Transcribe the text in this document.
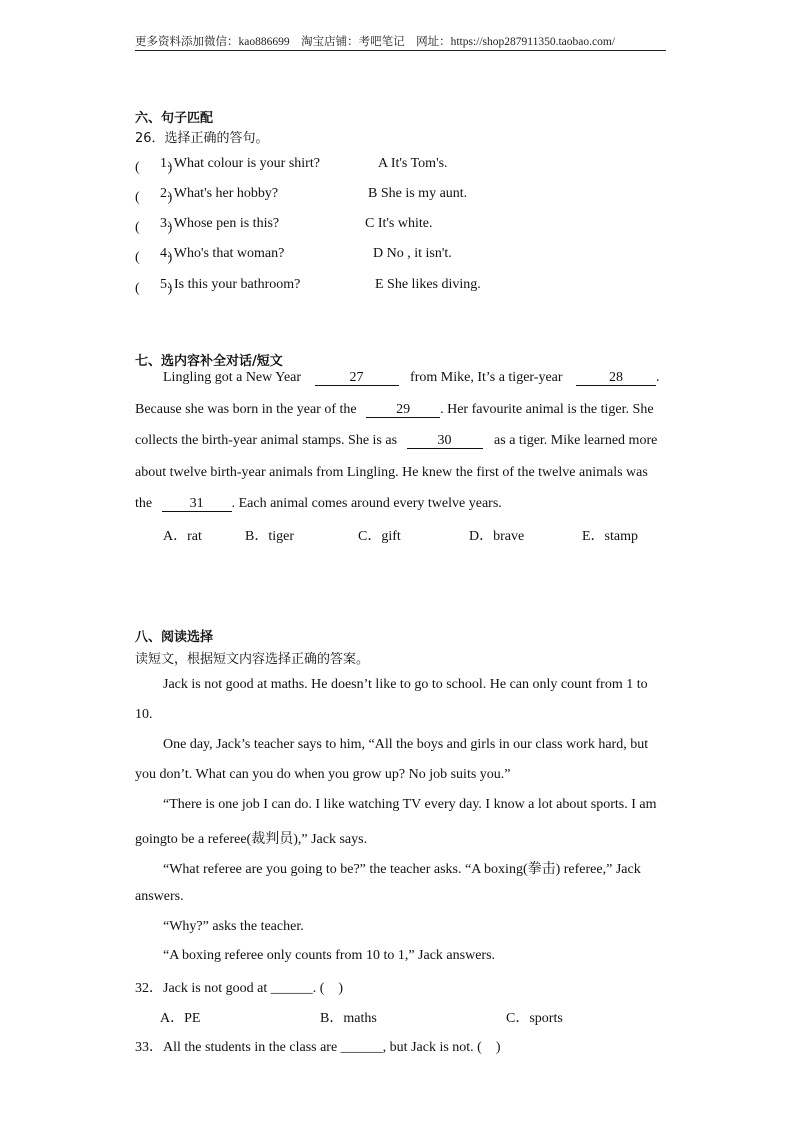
更多资料添加微信：kao886699　淘宝店铺：考吧笔记　网址：https://shop287911350.taobao.com/
六、句子匹配
26．选择正确的答句。
(　　)
1. What colour is your shirt?	A It's Tom's.
(　　)
2. What's her hobby?	B She is my aunt.
(　　)
3. Whose pen is this?	C It's white.
(　　)
4. Who's that woman?	D No , it isn't.
(　　)
5. Is this your bathroom?	E She likes diving.
七、选内容补全对话/短文
Lingling got a New Year	27	from Mike, It’s a tiger-year	28 .
Because she was born in the year of the	29 . Her favourite animal is the tiger. She
collects the birth-year animal stamps. She is as	30	as a tiger. Mike learned more
about twelve birth-year animals from Lingling. He knew the first of the twelve animals was
the	31 . Each animal comes around every twelve years.
A．rat	B．tiger	C．gift	D．brave	E．stamp
八、阅读选择
读短文，根据短文内容选择正确的答案。
Jack is not good at maths. He doesn’t like to go to school. He can only count from 1 to
10.
One day, Jack’s teacher says to him, “All the boys and girls in our class work hard, but
you don’t. What can you do when you grow up? No job suits you.”
“There is one job I can do. I like watching TV every day. I know a lot about sports. I am
goingto be a referee(裁判员),” Jack says.
“What referee are you going to be?” the teacher asks. “A boxing(拳击) referee,” Jack
answers.
“Why?” asks the teacher.
“A boxing referee only counts from 10 to 1,” Jack answers.
32．Jack is not good at ______. (　)
A．PE	B．maths	C．sports
33．All the students in the class are ______, but Jack is not. (　)
